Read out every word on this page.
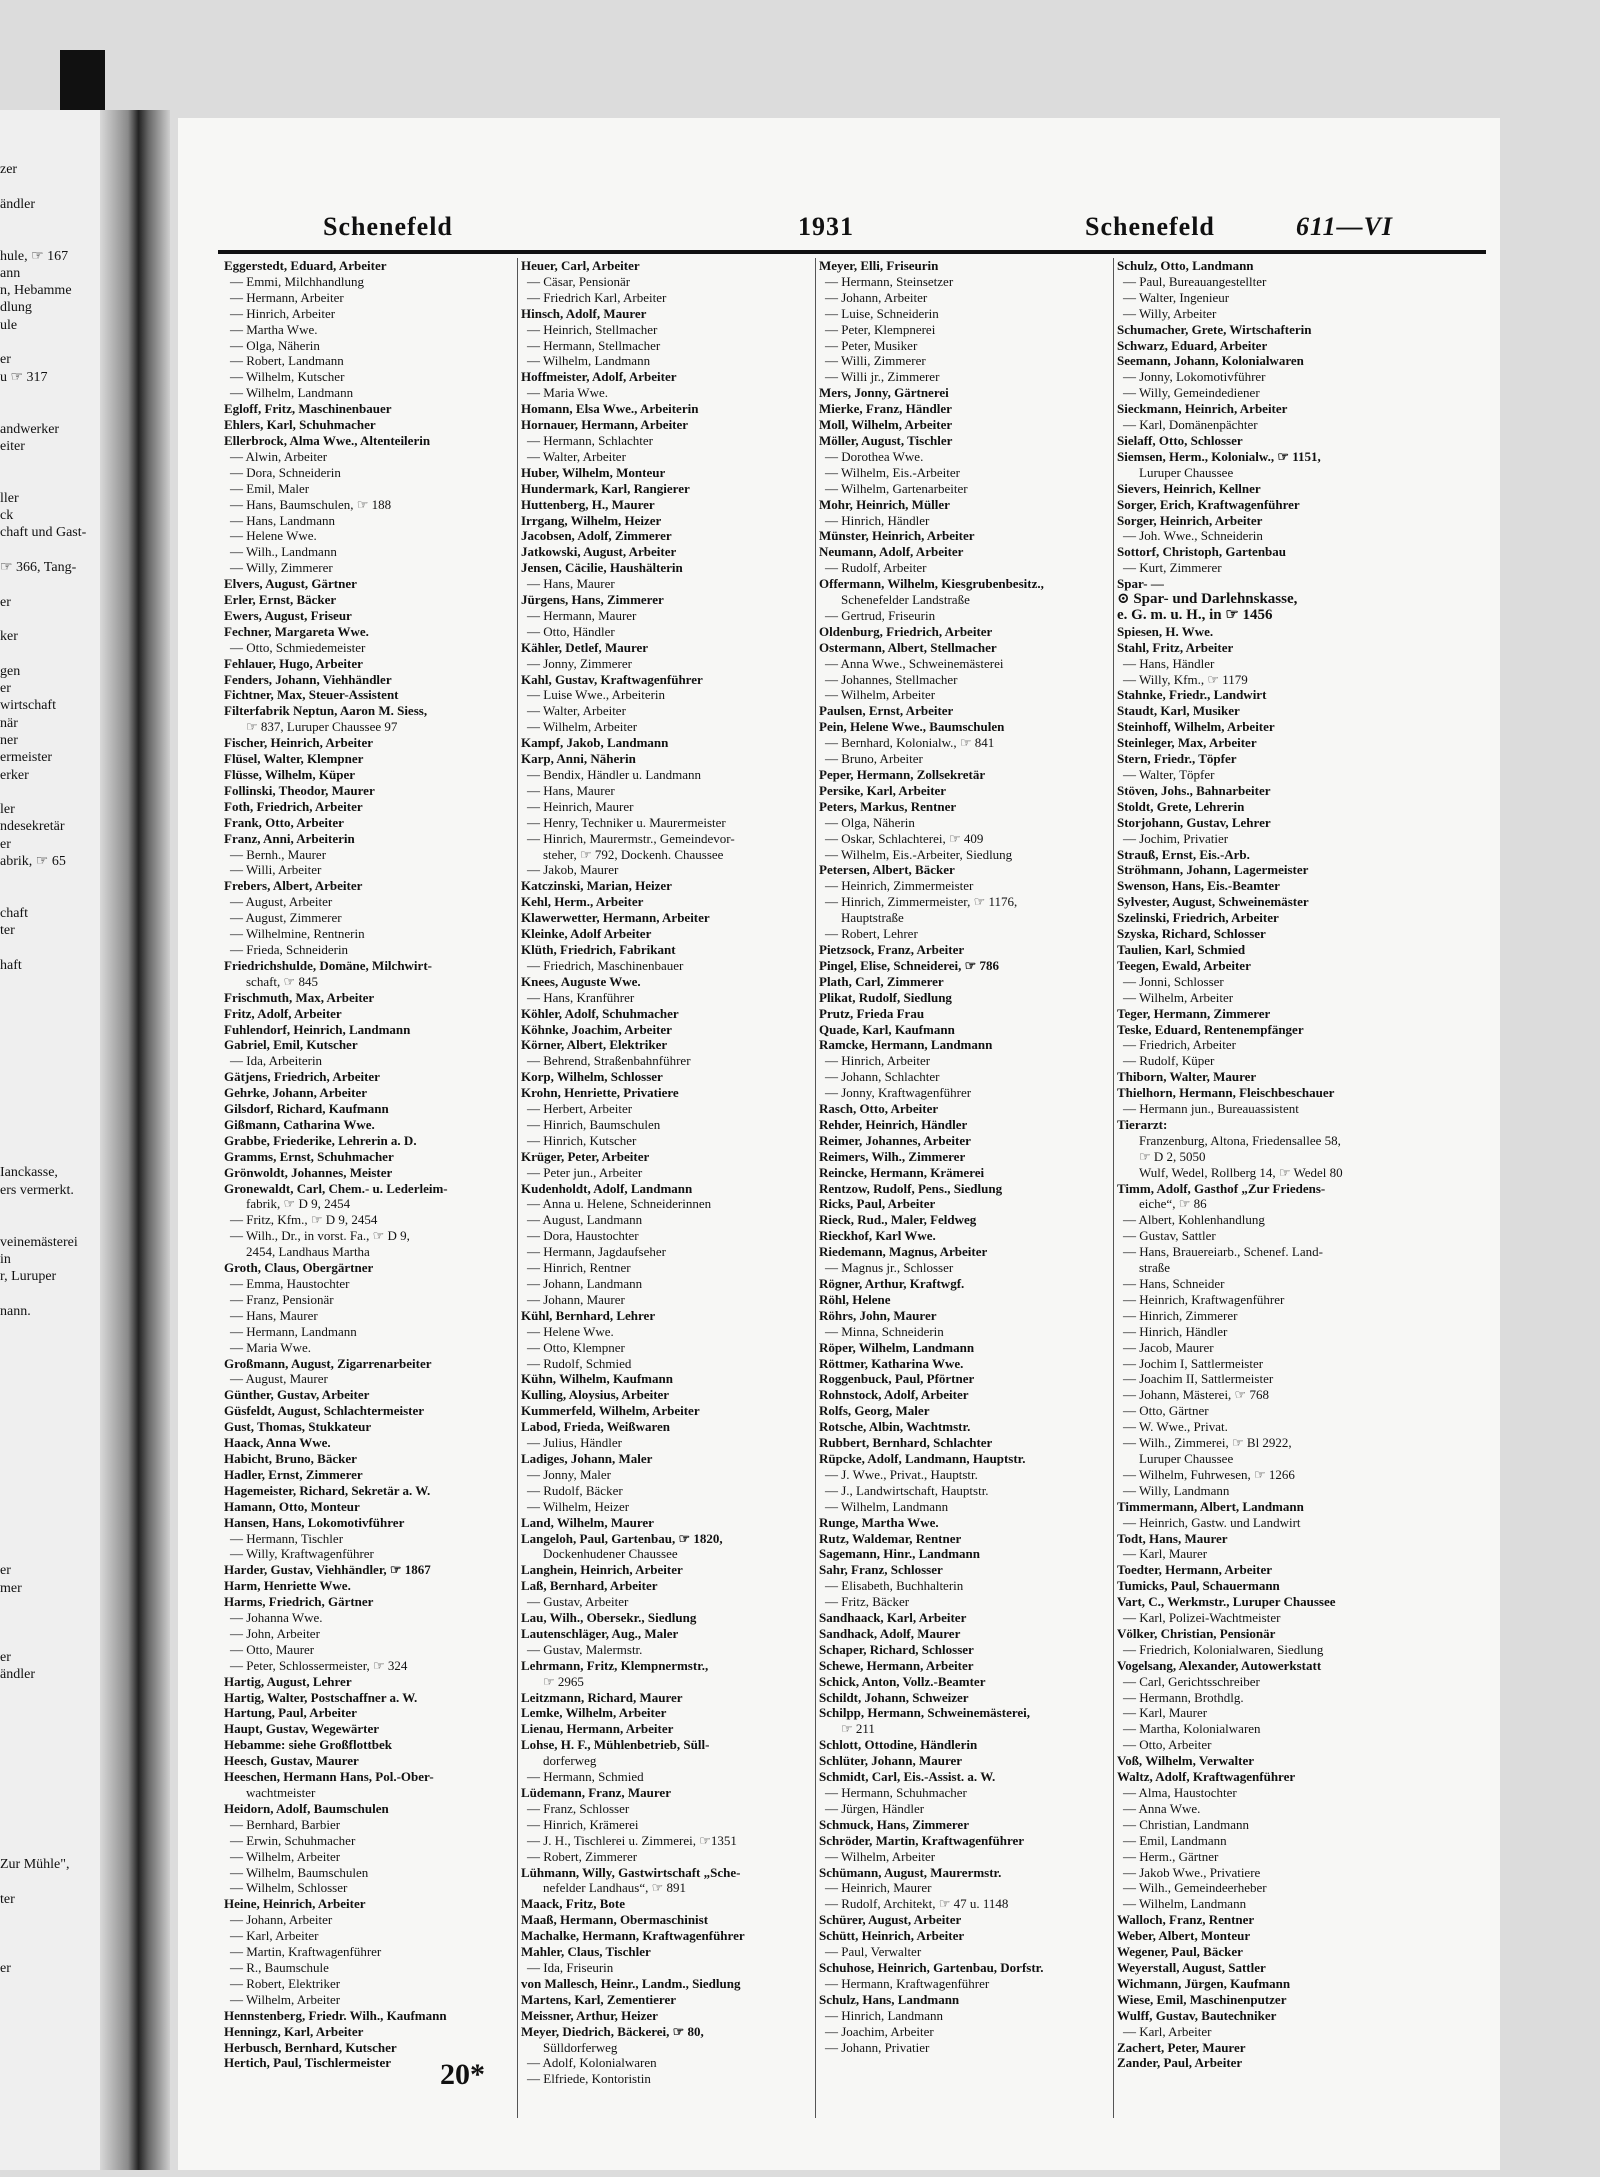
zer
ändler
hule, ☞ 167
ann
n, Hebamme
dlung
ule
er
u ☞ 317
andwerker
eiter
ller
ck
chaft und Gast-
☞ 366, Tang-
er
ker
gen
er
wirtschaft
när
ner
ermeister
erker
ler
ndesekretär
er
abrik, ☞ 65
chaft
ter
haft
Ianckasse,
ers vermerkt.
veinemästerei
in
r, Luruper
nann.
er
mer
er
ändler
Zur Mühle",
ter
er
Schenefeld	1931	Schenefeld	611—VI
Eggerstedt, Eduard, Arbeiter
— Emmi, Milchhandlung
— Hermann, Arbeiter
— Hinrich, Arbeiter
— Martha Wwe.
— Olga, Näherin
— Robert, Landmann
— Wilhelm, Kutscher
— Wilhelm, Landmann
Egloff, Fritz, Maschinenbauer
Ehlers, Karl, Schuhmacher
Ellerbrock, Alma Wwe., Altenteilerin
— Alwin, Arbeiter
— Dora, Schneiderin
— Emil, Maler
— Hans, Baumschulen, ☞ 188
— Hans, Landmann
— Helene Wwe.
— Wilh., Landmann
— Willy, Zimmerer
Elvers, August, Gärtner
Erler, Ernst, Bäcker
Ewers, August, Friseur
Fechner, Margareta Wwe.
— Otto, Schmiedemeister
Fehlauer, Hugo, Arbeiter
Fenders, Johann, Viehhändler
Fichtner, Max, Steuer-Assistent
Filterfabrik Neptun, Aaron M. Siess,
☞ 837, Luruper Chaussee 97
Fischer, Heinrich, Arbeiter
Flüsel, Walter, Klempner
Flüsse, Wilhelm, Küper
Follinski, Theodor, Maurer
Foth, Friedrich, Arbeiter
Frank, Otto, Arbeiter
Franz, Anni, Arbeiterin
— Bernh., Maurer
— Willi, Arbeiter
Frebers, Albert, Arbeiter
— August, Arbeiter
— August, Zimmerer
— Wilhelmine, Rentnerin
— Frieda, Schneiderin
Friedrichshulde, Domäne, Milchwirt-
schaft, ☞ 845
Frischmuth, Max, Arbeiter
Fritz, Adolf, Arbeiter
Fuhlendorf, Heinrich, Landmann
Gabriel, Emil, Kutscher
— Ida, Arbeiterin
Gätjens, Friedrich, Arbeiter
Gehrke, Johann, Arbeiter
Gilsdorf, Richard, Kaufmann
Gißmann, Catharina Wwe.
Grabbe, Friederike, Lehrerin a. D.
Gramms, Ernst, Schuhmacher
Grönwoldt, Johannes, Meister
Gronewaldt, Carl, Chem.- u. Lederleim-
fabrik, ☞ D 9, 2454
— Fritz, Kfm., ☞ D 9, 2454
— Wilh., Dr., in vorst. Fa., ☞ D 9,
2454, Landhaus Martha
Groth, Claus, Obergärtner
— Emma, Haustochter
— Franz, Pensionär
— Hans, Maurer
— Hermann, Landmann
— Maria Wwe.
Großmann, August, Zigarrenarbeiter
— August, Maurer
Günther, Gustav, Arbeiter
Güsfeldt, August, Schlachtermeister
Gust, Thomas, Stukkateur
Haack, Anna Wwe.
Habicht, Bruno, Bäcker
Hadler, Ernst, Zimmerer
Hagemeister, Richard, Sekretär a. W.
Hamann, Otto, Monteur
Hansen, Hans, Lokomotivführer
— Hermann, Tischler
— Willy, Kraftwagenführer
Harder, Gustav, Viehhändler, ☞ 1867
Harm, Henriette Wwe.
Harms, Friedrich, Gärtner
— Johanna Wwe.
— John, Arbeiter
— Otto, Maurer
— Peter, Schlossermeister, ☞ 324
Hartig, August, Lehrer
Hartig, Walter, Postschaffner a. W.
Hartung, Paul, Arbeiter
Haupt, Gustav, Wegewärter
Hebamme: siehe Großflottbek
Heesch, Gustav, Maurer
Heeschen, Hermann Hans, Pol.-Ober-
wachtmeister
Heidorn, Adolf, Baumschulen
— Bernhard, Barbier
— Erwin, Schuhmacher
— Wilhelm, Arbeiter
— Wilhelm, Baumschulen
— Wilhelm, Schlosser
Heine, Heinrich, Arbeiter
— Johann, Arbeiter
— Karl, Arbeiter
— Martin, Kraftwagenführer
— R., Baumschule
— Robert, Elektriker
— Wilhelm, Arbeiter
Hennstenberg, Friedr. Wilh., Kaufmann
Henningz, Karl, Arbeiter
Herbusch, Bernhard, Kutscher
Hertich, Paul, Tischlermeister
Heuer, Carl, Arbeiter
— Cäsar, Pensionär
— Friedrich Karl, Arbeiter
Hinsch, Adolf, Maurer
— Heinrich, Stellmacher
— Hermann, Stellmacher
— Wilhelm, Landmann
Hoffmeister, Adolf, Arbeiter
— Maria Wwe.
Homann, Elsa Wwe., Arbeiterin
Hornauer, Hermann, Arbeiter
— Hermann, Schlachter
— Walter, Arbeiter
Huber, Wilhelm, Monteur
Hundermark, Karl, Rangierer
Huttenberg, H., Maurer
Irrgang, Wilhelm, Heizer
Jacobsen, Adolf, Zimmerer
Jatkowski, August, Arbeiter
Jensen, Cäcilie, Haushälterin
— Hans, Maurer
Jürgens, Hans, Zimmerer
— Hermann, Maurer
— Otto, Händler
Kähler, Detlef, Maurer
— Jonny, Zimmerer
Kahl, Gustav, Kraftwagenführer
— Luise Wwe., Arbeiterin
— Walter, Arbeiter
— Wilhelm, Arbeiter
Kampf, Jakob, Landmann
Karp, Anni, Näherin
— Bendix, Händler u. Landmann
— Hans, Maurer
— Heinrich, Maurer
— Henry, Techniker u. Maurermeister
— Hinrich, Maurermstr., Gemeindevor-
steher, ☞ 792, Dockenh. Chaussee
— Jakob, Maurer
Katczinski, Marian, Heizer
Kehl, Herm., Arbeiter
Klawerwetter, Hermann, Arbeiter
Kleinke, Adolf Arbeiter
Klüth, Friedrich, Fabrikant
— Friedrich, Maschinenbauer
Knees, Auguste Wwe.
— Hans, Kranführer
Köhler, Adolf, Schuhmacher
Köhnke, Joachim, Arbeiter
Körner, Albert, Elektriker
— Behrend, Straßenbahnführer
Korp, Wilhelm, Schlosser
Krohn, Henriette, Privatiere
— Herbert, Arbeiter
— Hinrich, Baumschulen
— Hinrich, Kutscher
Krüger, Peter, Arbeiter
— Peter jun., Arbeiter
Kudenholdt, Adolf, Landmann
— Anna u. Helene, Schneiderinnen
— August, Landmann
— Dora, Haustochter
— Hermann, Jagdaufseher
— Hinrich, Rentner
— Johann, Landmann
— Johann, Maurer
Kühl, Bernhard, Lehrer
— Helene Wwe.
— Otto, Klempner
— Rudolf, Schmied
Kühn, Wilhelm, Kaufmann
Kulling, Aloysius, Arbeiter
Kummerfeld, Wilhelm, Arbeiter
Labod, Frieda, Weißwaren
— Julius, Händler
Ladiges, Johann, Maler
— Jonny, Maler
— Rudolf, Bäcker
— Wilhelm, Heizer
Land, Wilhelm, Maurer
Langeloh, Paul, Gartenbau, ☞ 1820,
Dockenhudener Chaussee
Langhein, Heinrich, Arbeiter
Laß, Bernhard, Arbeiter
— Gustav, Arbeiter
Lau, Wilh., Obersekr., Siedlung
Lautenschläger, Aug., Maler
— Gustav, Malermstr.
Lehrmann, Fritz, Klempnermstr.,
☞ 2965
Leitzmann, Richard, Maurer
Lemke, Wilhelm, Arbeiter
Lienau, Hermann, Arbeiter
Lohse, H. F., Mühlenbetrieb, Süll-
dorferweg
— Hermann, Schmied
Lüdemann, Franz, Maurer
— Franz, Schlosser
— Hinrich, Krämerei
— J. H., Tischlerei u. Zimmerei, ☞1351
— Robert, Zimmerer
Lühmann, Willy, Gastwirtschaft „Sche-
nefelder Landhaus“, ☞ 891
Maack, Fritz, Bote
Maaß, Hermann, Obermaschinist
Machalke, Hermann, Kraftwagenführer
Mahler, Claus, Tischler
— Ida, Friseurin
von Mallesch, Heinr., Landm., Siedlung
Martens, Karl, Zementierer
Meissner, Arthur, Heizer
Meyer, Diedrich, Bäckerei, ☞ 80,
Sülldorferweg
— Adolf, Kolonialwaren
— Elfriede, Kontoristin
Meyer, Elli, Friseurin
— Hermann, Steinsetzer
— Johann, Arbeiter
— Luise, Schneiderin
— Peter, Klempnerei
— Peter, Musiker
— Willi, Zimmerer
— Willi jr., Zimmerer
Mers, Jonny, Gärtnerei
Mierke, Franz, Händler
Moll, Wilhelm, Arbeiter
Möller, August, Tischler
— Dorothea Wwe.
— Wilhelm, Eis.-Arbeiter
— Wilhelm, Gartenarbeiter
Mohr, Heinrich, Müller
— Hinrich, Händler
Münster, Heinrich, Arbeiter
Neumann, Adolf, Arbeiter
— Rudolf, Arbeiter
Offermann, Wilhelm, Kiesgrubenbesitz.,
Schenefelder Landstraße
— Gertrud, Friseurin
Oldenburg, Friedrich, Arbeiter
Ostermann, Albert, Stellmacher
— Anna Wwe., Schweinemästerei
— Johannes, Stellmacher
— Wilhelm, Arbeiter
Paulsen, Ernst, Arbeiter
Pein, Helene Wwe., Baumschulen
— Bernhard, Kolonialw., ☞ 841
— Bruno, Arbeiter
Peper, Hermann, Zollsekretär
Persike, Karl, Arbeiter
Peters, Markus, Rentner
— Olga, Näherin
— Oskar, Schlachterei, ☞ 409
— Wilhelm, Eis.-Arbeiter, Siedlung
Petersen, Albert, Bäcker
— Heinrich, Zimmermeister
— Hinrich, Zimmermeister, ☞ 1176,
Hauptstraße
— Robert, Lehrer
Pietzsock, Franz, Arbeiter
Pingel, Elise, Schneiderei, ☞ 786
Plath, Carl, Zimmerer
Plikat, Rudolf, Siedlung
Prutz, Frieda Frau
Quade, Karl, Kaufmann
Ramcke, Hermann, Landmann
— Hinrich, Arbeiter
— Johann, Schlachter
— Jonny, Kraftwagenführer
Rasch, Otto, Arbeiter
Rehder, Heinrich, Händler
Reimer, Johannes, Arbeiter
Reimers, Wilh., Zimmerer
Reincke, Hermann, Krämerei
Rentzow, Rudolf, Pens., Siedlung
Ricks, Paul, Arbeiter
Rieck, Rud., Maler, Feldweg
Rieckhof, Karl Wwe.
Riedemann, Magnus, Arbeiter
— Magnus jr., Schlosser
Rögner, Arthur, Kraftwgf.
Röhl, Helene
Röhrs, John, Maurer
— Minna, Schneiderin
Röper, Wilhelm, Landmann
Röttmer, Katharina Wwe.
Roggenbuck, Paul, Pförtner
Rohnstock, Adolf, Arbeiter
Rolfs, Georg, Maler
Rotsche, Albin, Wachtmstr.
Rubbert, Bernhard, Schlachter
Rüpcke, Adolf, Landmann, Hauptstr.
— J. Wwe., Privat., Hauptstr.
— J., Landwirtschaft, Hauptstr.
— Wilhelm, Landmann
Runge, Martha Wwe.
Rutz, Waldemar, Rentner
Sagemann, Hinr., Landmann
Sahr, Franz, Schlosser
— Elisabeth, Buchhalterin
— Fritz, Bäcker
Sandhaack, Karl, Arbeiter
Sandhack, Adolf, Maurer
Schaper, Richard, Schlosser
Schewe, Hermann, Arbeiter
Schick, Anton, Vollz.-Beamter
Schildt, Johann, Schweizer
Schilpp, Hermann, Schweinemästerei,
☞ 211
Schlott, Ottodine, Händlerin
Schlüter, Johann, Maurer
Schmidt, Carl, Eis.-Assist. a. W.
— Hermann, Schuhmacher
— Jürgen, Händler
Schmuck, Hans, Zimmerer
Schröder, Martin, Kraftwagenführer
— Wilhelm, Arbeiter
Schümann, August, Maurermstr.
— Heinrich, Maurer
— Rudolf, Architekt, ☞ 47 u. 1148
Schürer, August, Arbeiter
Schütt, Heinrich, Arbeiter
— Paul, Verwalter
Schuhose, Heinrich, Gartenbau, Dorfstr.
— Hermann, Kraftwagenführer
Schulz, Hans, Landmann
— Hinrich, Landmann
— Joachim, Arbeiter
— Johann, Privatier
Schulz, Otto, Landmann
— Paul, Bureauangestellter
— Walter, Ingenieur
— Willy, Arbeiter
Schumacher, Grete, Wirtschafterin
Schwarz, Eduard, Arbeiter
Seemann, Johann, Kolonialwaren
— Jonny, Lokomotivführer
— Willy, Gemeindediener
Sieckmann, Heinrich, Arbeiter
— Karl, Domänenpächter
Sielaff, Otto, Schlosser
Siemsen, Herm., Kolonialw., ☞ 1151,
Luruper Chaussee
Sievers, Heinrich, Kellner
Sorger, Erich, Kraftwagenführer
Sorger, Heinrich, Arbeiter
— Joh. Wwe., Schneiderin
Sottorf, Christoph, Gartenbau
— Kurt, Zimmerer
Spar- —
⊙ Spar- und Darlehnskasse,
e. G. m. u. H., in ☞ 1456
Spiesen, H. Wwe.
Stahl, Fritz, Arbeiter
— Hans, Händler
— Willy, Kfm., ☞ 1179
Stahnke, Friedr., Landwirt
Staudt, Karl, Musiker
Steinhoff, Wilhelm, Arbeiter
Steinleger, Max, Arbeiter
Stern, Friedr., Töpfer
— Walter, Töpfer
Stöven, Johs., Bahnarbeiter
Stoldt, Grete, Lehrerin
Storjohann, Gustav, Lehrer
— Jochim, Privatier
Strauß, Ernst, Eis.-Arb.
Ströhmann, Johann, Lagermeister
Swenson, Hans, Eis.-Beamter
Sylvester, August, Schweinemäster
Szelinski, Friedrich, Arbeiter
Szyska, Richard, Schlosser
Taulien, Karl, Schmied
Teegen, Ewald, Arbeiter
— Jonni, Schlosser
— Wilhelm, Arbeiter
Teger, Hermann, Zimmerer
Teske, Eduard, Rentenempfänger
— Friedrich, Arbeiter
— Rudolf, Küper
Thiborn, Walter, Maurer
Thielhorn, Hermann, Fleischbeschauer
— Hermann jun., Bureauassistent
Tierarzt:
Franzenburg, Altona, Friedensallee 58,
☞ D 2, 5050
Wulf, Wedel, Rollberg 14, ☞ Wedel 80
Timm, Adolf, Gasthof „Zur Friedens-
eiche“, ☞ 86
— Albert, Kohlenhandlung
— Gustav, Sattler
— Hans, Brauereiarb., Schenef. Land-
straße
— Hans, Schneider
— Heinrich, Kraftwagenführer
— Hinrich, Zimmerer
— Hinrich, Händler
— Jacob, Maurer
— Jochim I, Sattlermeister
— Joachim II, Sattlermeister
— Johann, Mästerei, ☞ 768
— Otto, Gärtner
— W. Wwe., Privat.
— Wilh., Zimmerei, ☞ Bl 2922,
Luruper Chaussee
— Wilhelm, Fuhrwesen, ☞ 1266
— Willy, Landmann
Timmermann, Albert, Landmann
— Heinrich, Gastw. und Landwirt
Todt, Hans, Maurer
— Karl, Maurer
Toedter, Hermann, Arbeiter
Tumicks, Paul, Schauermann
Vart, C., Werkmstr., Luruper Chaussee
— Karl, Polizei-Wachtmeister
Völker, Christian, Pensionär
— Friedrich, Kolonialwaren, Siedlung
Vogelsang, Alexander, Autowerkstatt
— Carl, Gerichtsschreiber
— Hermann, Brothdlg.
— Karl, Maurer
— Martha, Kolonialwaren
— Otto, Arbeiter
Voß, Wilhelm, Verwalter
Waltz, Adolf, Kraftwagenführer
— Alma, Haustochter
— Anna Wwe.
— Christian, Landmann
— Emil, Landmann
— Herm., Gärtner
— Jakob Wwe., Privatiere
— Wilh., Gemeindeerheber
— Wilhelm, Landmann
Walloch, Franz, Rentner
Weber, Albert, Monteur
Wegener, Paul, Bäcker
Weyerstall, August, Sattler
Wichmann, Jürgen, Kaufmann
Wiese, Emil, Maschinenputzer
Wulff, Gustav, Bautechniker
— Karl, Arbeiter
Zachert, Peter, Maurer
Zander, Paul, Arbeiter
20*
